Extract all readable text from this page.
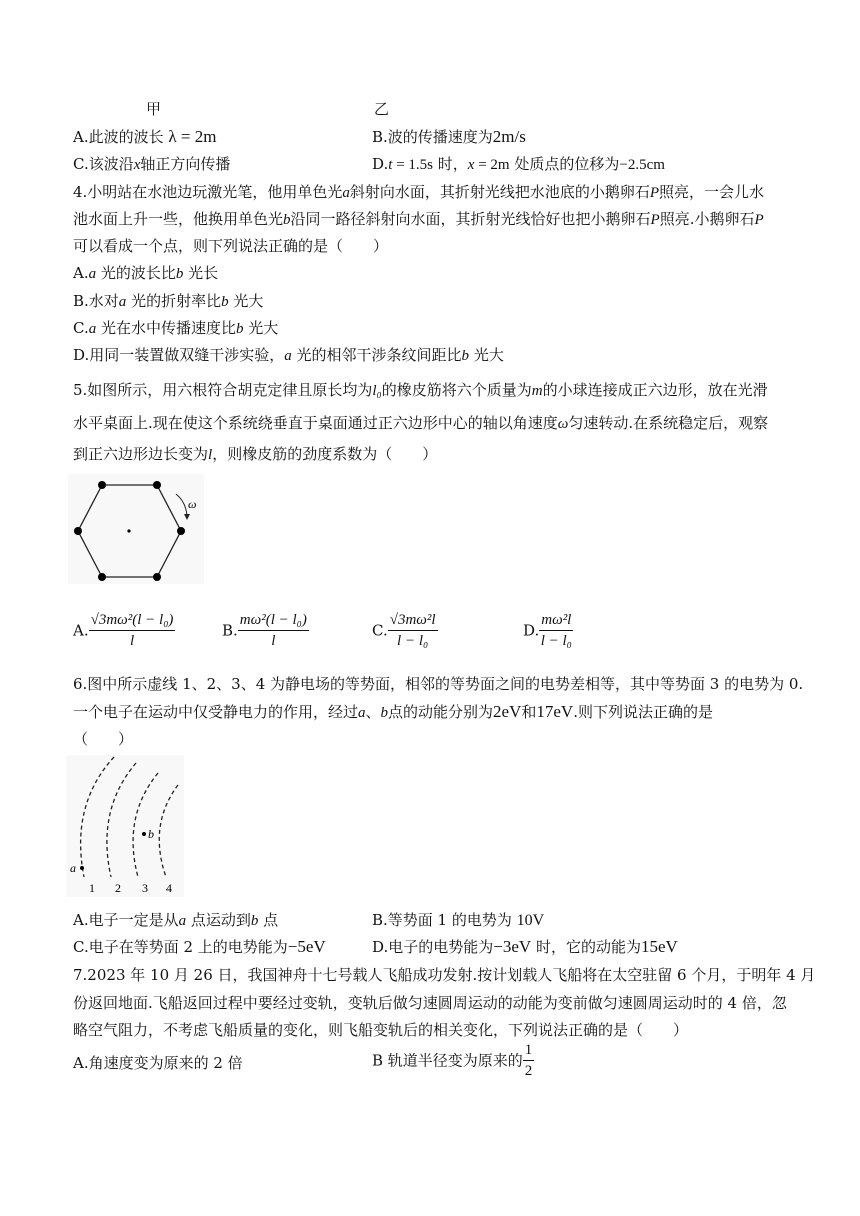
甲	乙
A.此波的波长 λ = 2m	B.波的传播速度为2m/s
C.该波沿x轴正方向传播	D.t = 1.5s 时，x = 2m 处质点的位移为−2.5cm
4.小明站在水池边玩激光笔，他用单色光a斜射向水面，其折射光线把水池底的小鹅卵石P照亮，一会儿水
池水面上升一些，他换用单色光b沿同一路径斜射向水面，其折射光线恰好也把小鹅卵石P照亮.小鹅卵石P
可以看成一个点，则下列说法正确的是（　　）
A.a 光的波长比b 光长
B.水对a 光的折射率比b 光大
C.a 光在水中传播速度比b 光大
D.用同一装置做双缝干涉实验，a 光的相邻干涉条纹间距比b 光大
5.如图所示，用六根符合胡克定律且原长均为l₀的橡皮筋将六个质量为m的小球连接成正六边形，放在光滑
水平桌面上.现在使这个系统绕垂直于桌面通过正六边形中心的轴以角速度ω匀速转动.在系统稳定后，观察
到正六边形边长变为l，则橡皮筋的劲度系数为（　　）
ω
A. $\frac{\text{√3mω²(l − l₀)}}{l}$	B. $\frac{\text{mω²(l − l₀)}}{l}$	C. $\frac{\text{√3mω²l}}{\text{l − l₀}}$	D. $\frac{\text{mω²l}}{\text{l − l₀}}$
6.图中所示虚线 1、2、3、4 为静电场的等势面，相邻的等势面之间的电势差相等，其中等势面 3 的电势为 0.
一个电子在运动中仅受静电力的作用，经过a、b点的动能分别为2eV和17eV.则下列说法正确的是
（　　）
a
b
1 2 3 4
A.电子一定是从a 点运动到b 点	B.等势面 1 的电势为 10V
C.电子在等势面 2 上的电势能为−5eV	D.电子的电势能为−3eV 时，它的动能为15eV
7.2023 年 10 月 26 日，我国神舟十七号载人飞船成功发射.按计划载人飞船将在太空驻留 6 个月，于明年 4 月
份返回地面.飞船返回过程中要经过变轨，变轨后做匀速圆周运动的动能为变前做匀速圆周运动时的 4 倍，忽
略空气阻力，不考虑飞船质量的变化，则飞船变轨后的相关变化，下列说法正确的是（　　）
A.角速度变为原来的 2 倍	B 轨道半径变为原来的 $\frac{1}{2}$
